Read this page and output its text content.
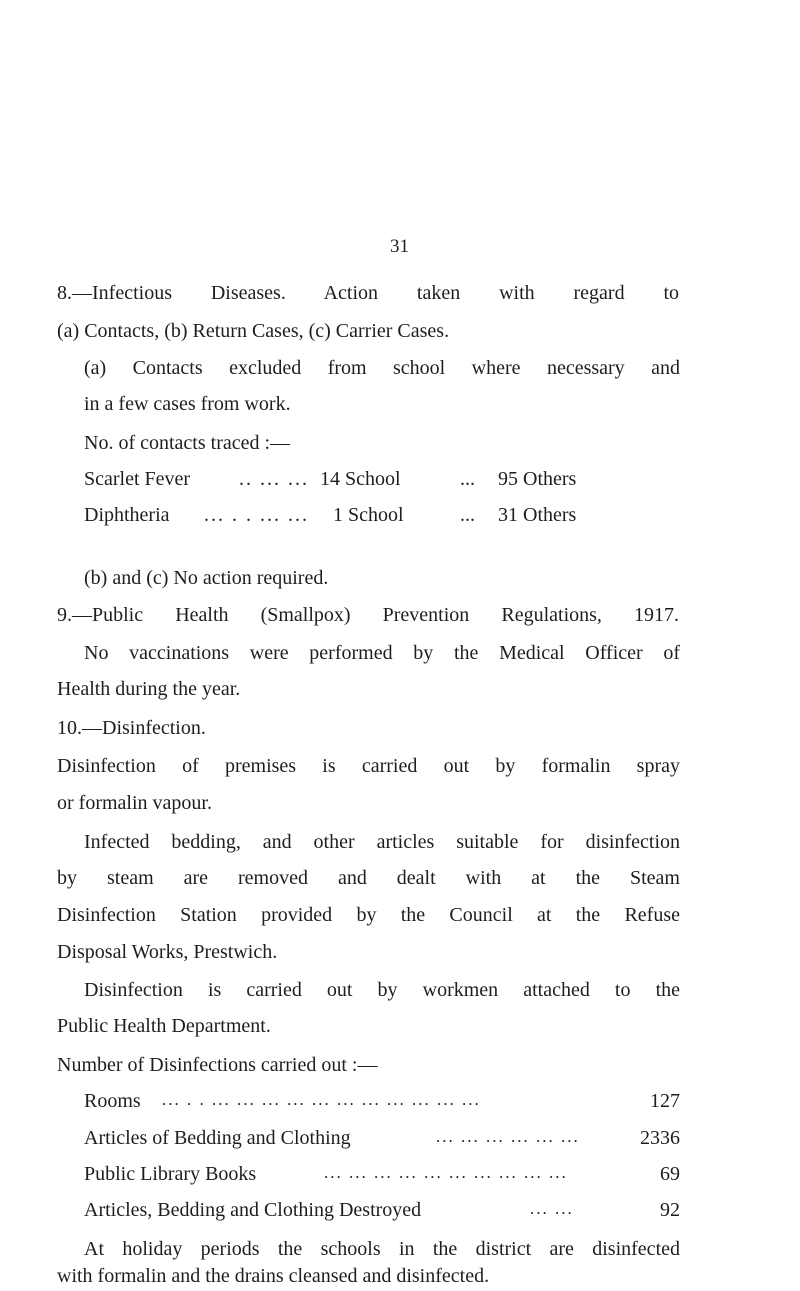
31
8.—Infectious Diseases. Action taken with regard to
(a) Contacts, (b) Return Cases, (c) Carrier Cases.
(a) Contacts excluded from school where necessary and
in a few cases from work.
No. of contacts traced :—
Scarlet Fever .. ... ... 14 School	... 95 Others
Diphtheria ... . . ... ... 1 School	... 31 Others
(b) and (c) No action required.
9.—Public Health (Smallpox) Prevention Regulations, 1917.
No vaccinations were performed by the Medical Officer of
Health during the year.
10.—Disinfection.
Disinfection of premises is carried out by formalin spray
or formalin vapour.
Infected bedding, and other articles suitable for disinfection
by steam are removed and dealt with at the Steam
Disinfection Station provided by the Council at the Refuse
Disposal Works, Prestwich.
Disinfection is carried out by workmen attached to the
Public Health Department.
Number of Disinfections carried out :—
Rooms ... . . ... ... ... ... ... ... ... ... ... ... ...	127
Articles of Bedding and Clothing	... ... ... ... ... ...	2336
Public Library Books	... ... ... ... ... ... ... ... ... ...	69
Articles, Bedding and Clothing Destroyed	... ...	92
At holiday periods the schools in the district are disinfected
with formalin and the drains cleansed and disinfected.
